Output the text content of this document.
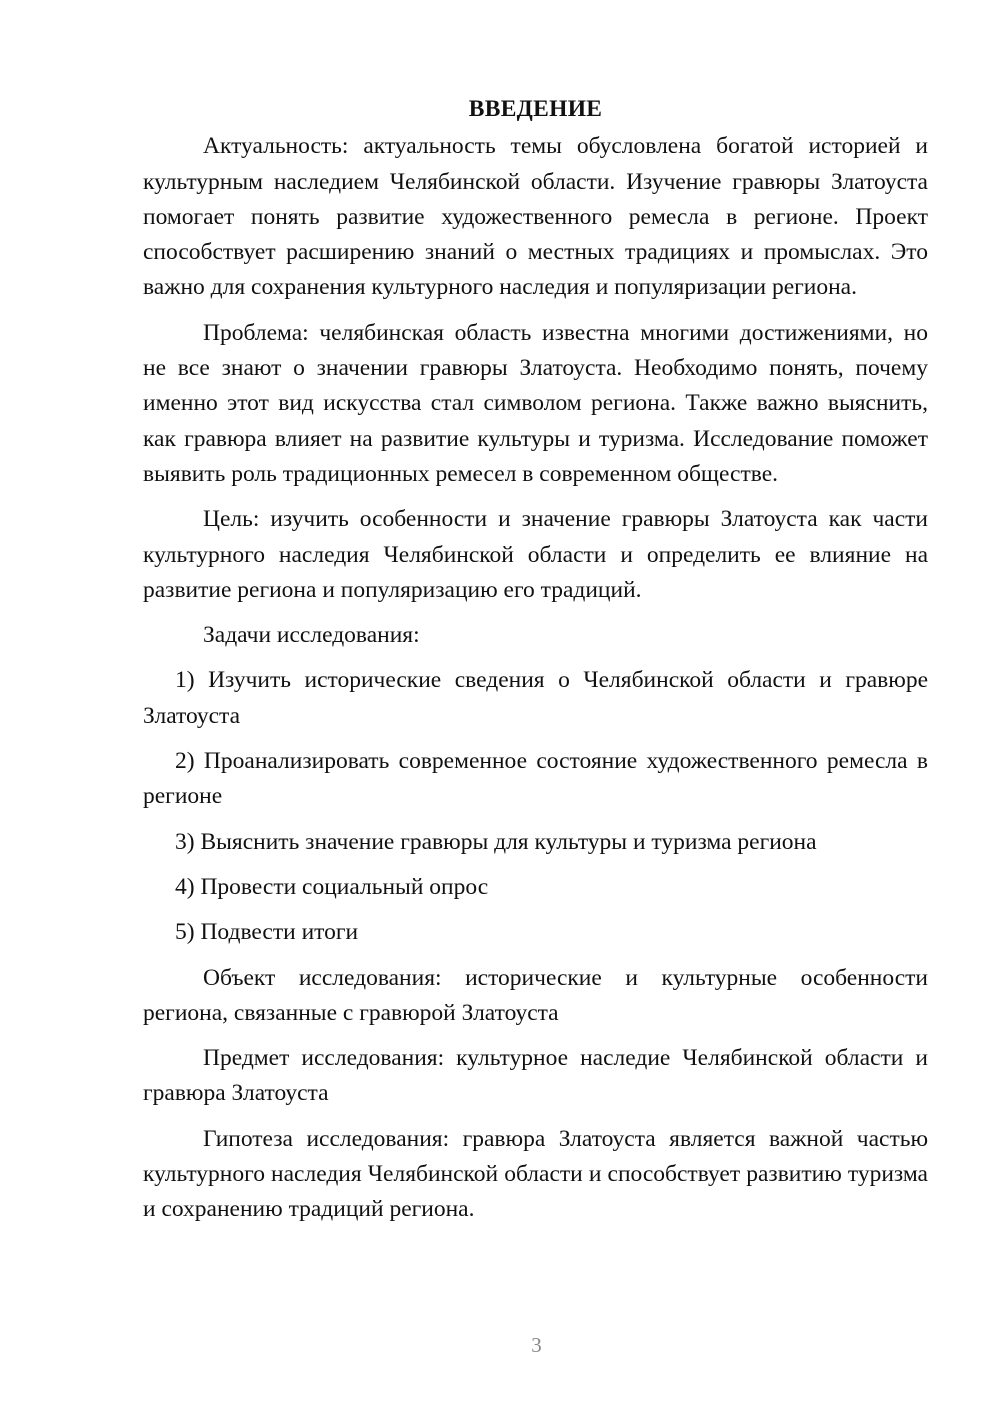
ВВЕДЕНИЕ

Актуальность: актуальность темы обусловлена богатой историей и культурным наследием Челябинской области. Изучение гравюры Златоуста помогает понять развитие художественного ремесла в регионе. Проект способствует расширению знаний о местных традициях и промыслах. Это важно для сохранения культурного наследия и популяризации региона.

Проблема: челябинская область известна многими достижениями, но не все знают о значении гравюры Златоуста. Необходимо понять, почему именно этот вид искусства стал символом региона. Также важно выяснить, как гравюра влияет на развитие культуры и туризма. Исследование поможет выявить роль традиционных ремесел в современном обществе.

Цель: изучить особенности и значение гравюры Златоуста как части культурного наследия Челябинской области и определить ее влияние на развитие региона и популяризацию его традиций.

Задачи исследования:

1) Изучить исторические сведения о Челябинской области и гравюре Златоуста

2) Проанализировать современное состояние художественного ремесла в регионе

3) Выяснить значение гравюры для культуры и туризма региона

4) Провести социальный опрос

5) Подвести итоги

Объект исследования: исторические и культурные особенности региона, связанные с гравюрой Златоуста

Предмет исследования: культурное наследие Челябинской области и гравюра Златоуста

Гипотеза исследования: гравюра Златоуста является важной частью культурного наследия Челябинской области и способствует развитию туризма и сохранению традиций региона.

3
